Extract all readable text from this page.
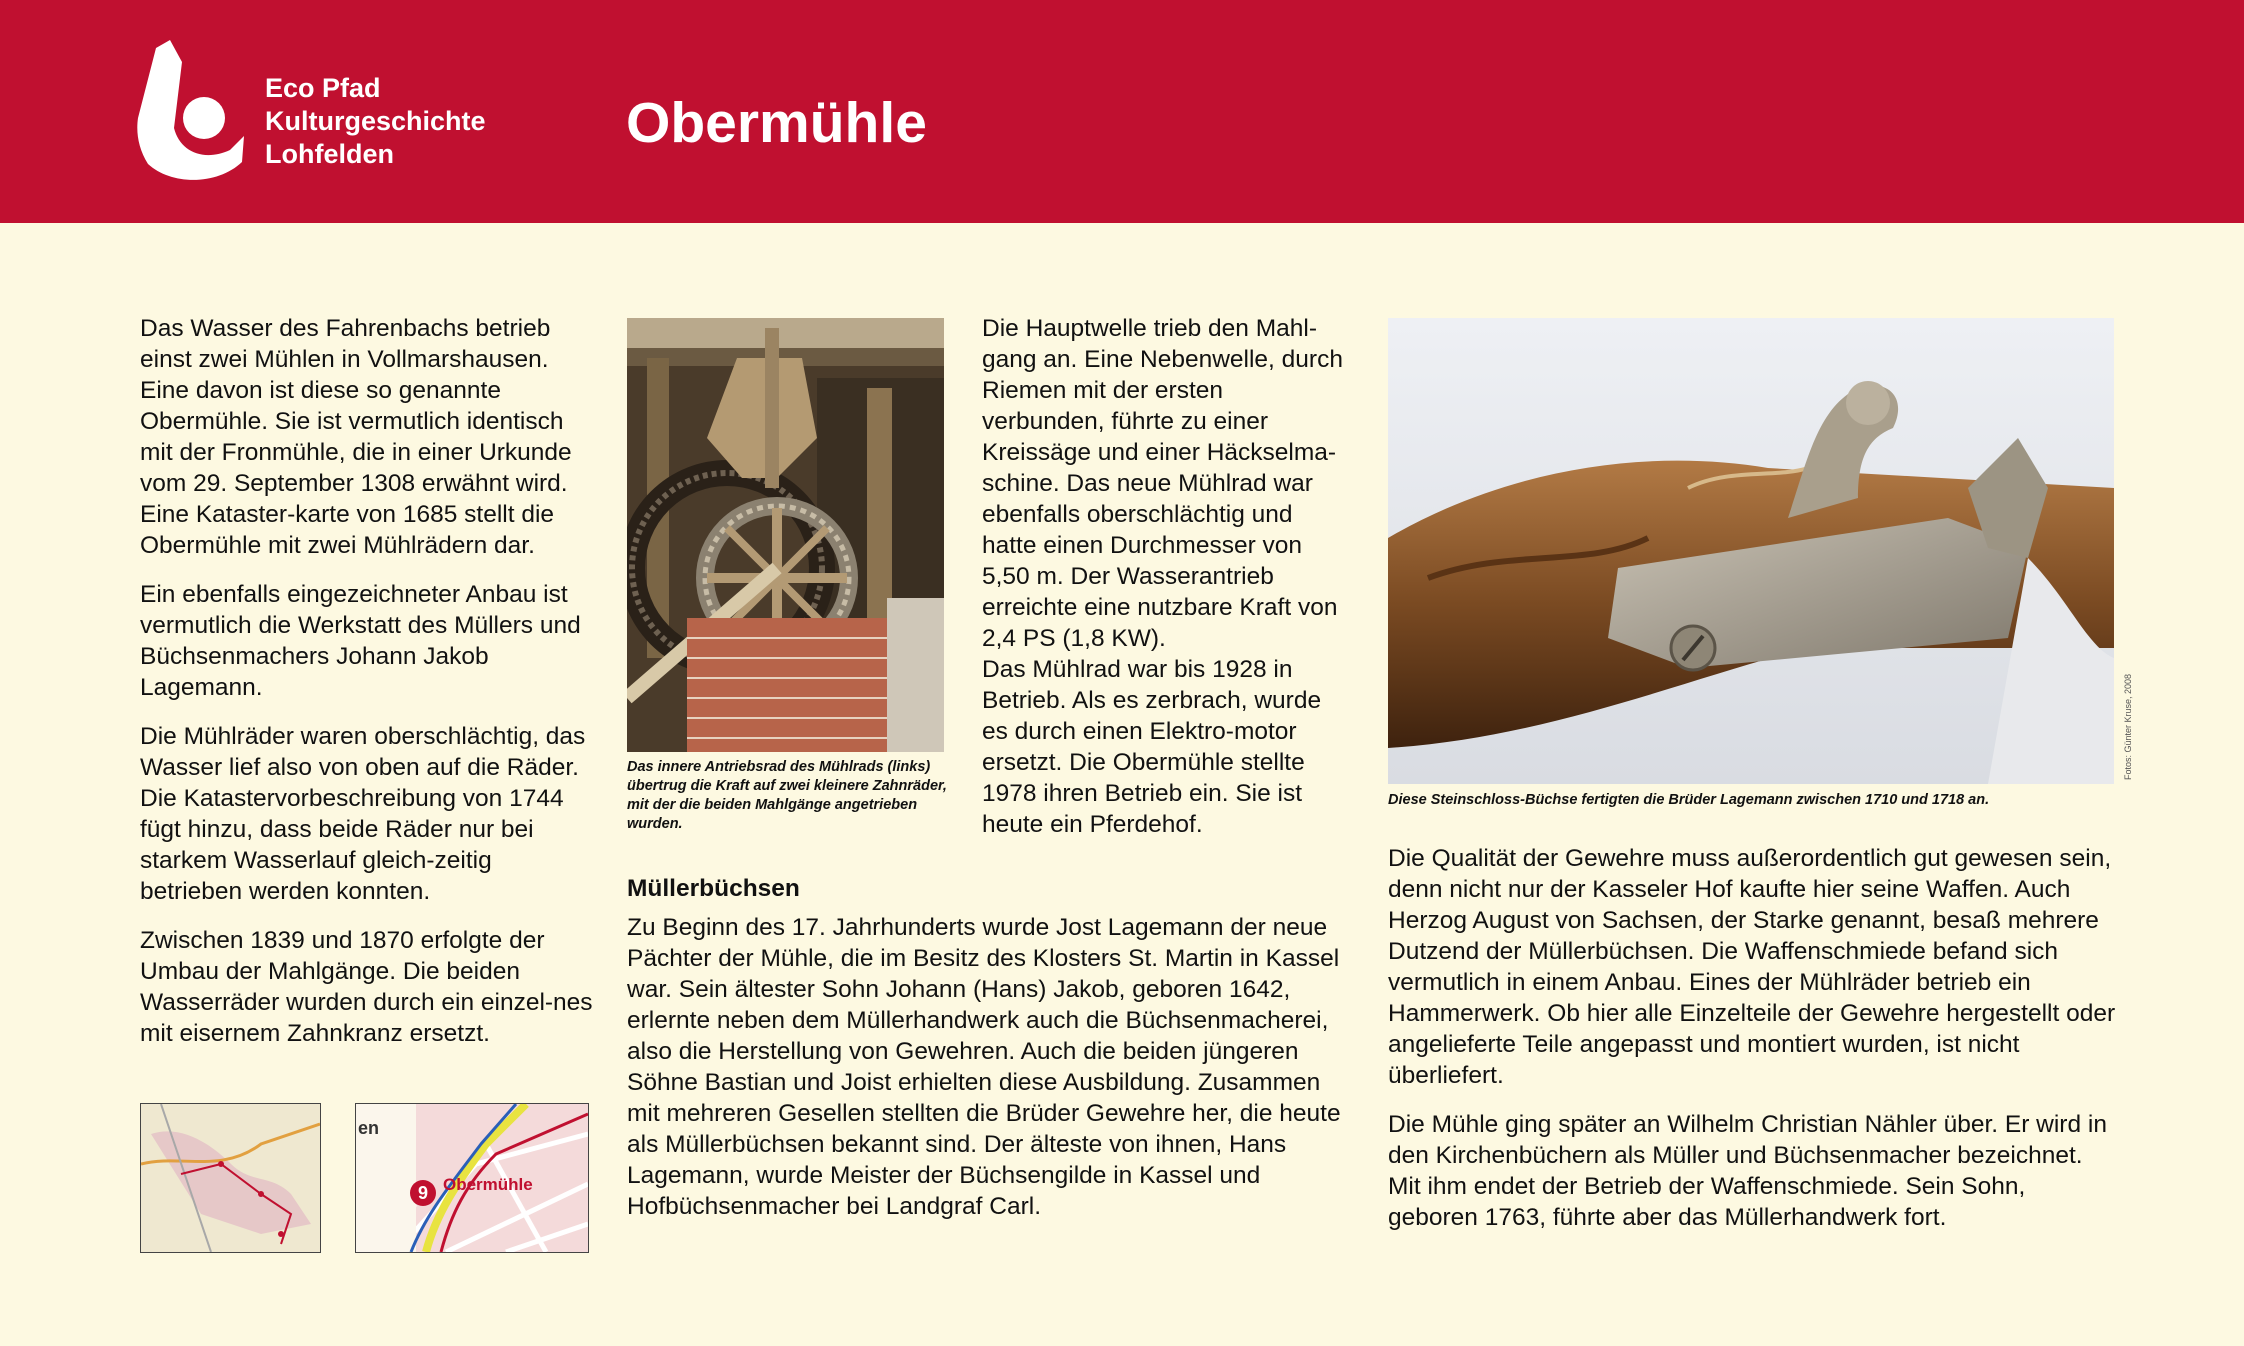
Eco Pfad
Kulturgeschichte
Lohfelden	Obermühle

Das Wasser des Fahrenbachs betrieb einst zwei Mühlen in Vollmarshausen. Eine davon ist diese so genannte Obermühle. Sie ist vermutlich identisch mit der Fronmühle, die in einer Urkunde vom 29. September 1308 erwähnt wird. Eine Kataster-karte von 1685 stellt die Obermühle mit zwei Mühlrädern dar.

Ein ebenfalls eingezeichneter Anbau ist vermutlich die Werkstatt des Müllers und Büchsenmachers Johann Jakob Lagemann.

Die Mühlräder waren oberschlächtig, das Wasser lief also von oben auf die Räder. Die Katastervorbeschreibung von 1744 fügt hinzu, dass beide Räder nur bei starkem Wasserlauf gleich-zeitig betrieben werden konnten.

Zwischen 1839 und 1870 erfolgte der Umbau der Mahlgänge. Die beiden Wasserräder wurden durch ein einzel-nes mit eisernem Zahnkranz ersetzt.

Das innere Antriebsrad des Mühlrads (links) übertrug die Kraft auf zwei kleinere Zahnräder, mit der die beiden Mahlgänge angetrieben wurden.

Die Hauptwelle trieb den Mahl-gang an. Eine Nebenwelle, durch Riemen mit der ersten verbunden, führte zu einer Kreissäge und einer Häckselma-schine. Das neue Mühlrad war ebenfalls oberschlächtig und hatte einen Durchmesser von 5,50 m. Der Wasserantrieb erreichte eine nutzbare Kraft von 2,4 PS (1,8 KW).

Das Mühlrad war bis 1928 in Betrieb. Als es zerbrach, wurde es durch einen Elektro-motor ersetzt. Die Obermühle stellte 1978 ihren Betrieb ein. Sie ist heute ein Pferdehof.

Müllerbüchsen

Zu Beginn des 17. Jahrhunderts wurde Jost Lagemann der neue Pächter der Mühle, die im Besitz des Klosters St. Martin in Kassel war. Sein ältester Sohn Johann (Hans) Jakob, geboren 1642, erlernte neben dem Müllerhandwerk auch die Büchsenmacherei, also die Herstellung von Gewehren. Auch die beiden jüngeren Söhne Bastian und Joist erhielten diese Ausbildung. Zusammen mit mehreren Gesellen stellten die Brüder Gewehre her, die heute als Müllerbüchsen bekannt sind. Der älteste von ihnen, Hans Lagemann, wurde Meister der Büchsengilde in Kassel und Hofbüchsenmacher bei Landgraf Carl.

Diese Steinschloss-Büchse fertigten die Brüder Lagemann zwischen 1710 und 1718 an.
Fotos: Günter Kruse, 2008

Die Qualität der Gewehre muss außerordentlich gut gewesen sein, denn nicht nur der Kasseler Hof kaufte hier seine Waffen. Auch Herzog August von Sachsen, der Starke genannt, besaß mehrere Dutzend der Müllerbüchsen. Die Waffenschmiede befand sich vermutlich in einem Anbau. Eines der Mühlräder betrieb ein Hammerwerk. Ob hier alle Einzelteile der Gewehre hergestellt oder angelieferte Teile angepasst und montiert wurden, ist nicht überliefert.

Die Mühle ging später an Wilhelm Christian Nähler über. Er wird in den Kirchenbüchern als Müller und Büchsenmacher bezeichnet. Mit ihm endet der Betrieb der Waffenschmiede. Sein Sohn, geboren 1763, führte aber das Müllerhandwerk fort.

en
9 Obermühle
